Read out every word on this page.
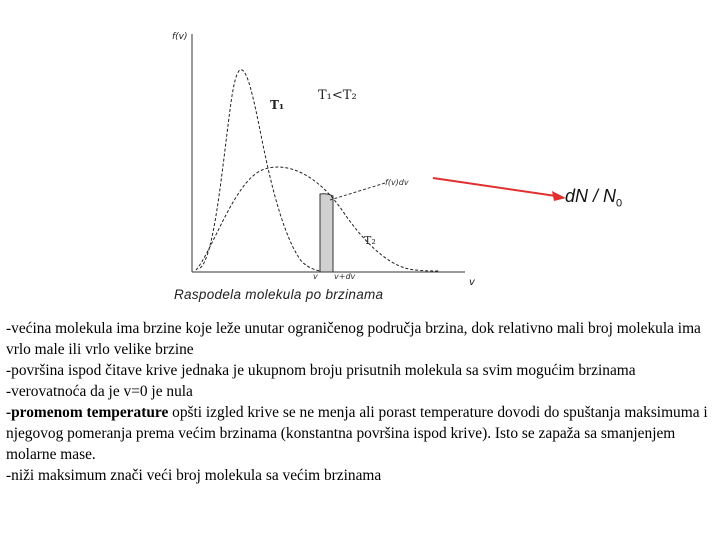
f(v)
T₁
T₁<T₂
f(v)dv
T₂
v v+dv
v
dN / $N_0$
Raspodela molekula po brzinama

-većina molekula ima brzine koje leže unutar ograničenog područja brzina, dok relativno mali broj molekula ima vrlo male ili vrlo velike brzine

-površina ispod čitave krive jednaka je ukupnom broju prisutnih molekula sa svim mogućim brzinama

-verovatnoća da je v=0 je nula

-promenom temperature opšti izgled krive se ne menja ali porast temperature dovodi do spuštanja maksimuma i njegovog pomeranja prema većim brzinama (konstantna površina ispod krive). Isto se zapaža sa smanjenjem molarne mase.

-niži maksimum znači veći broj molekula sa većim brzinama
